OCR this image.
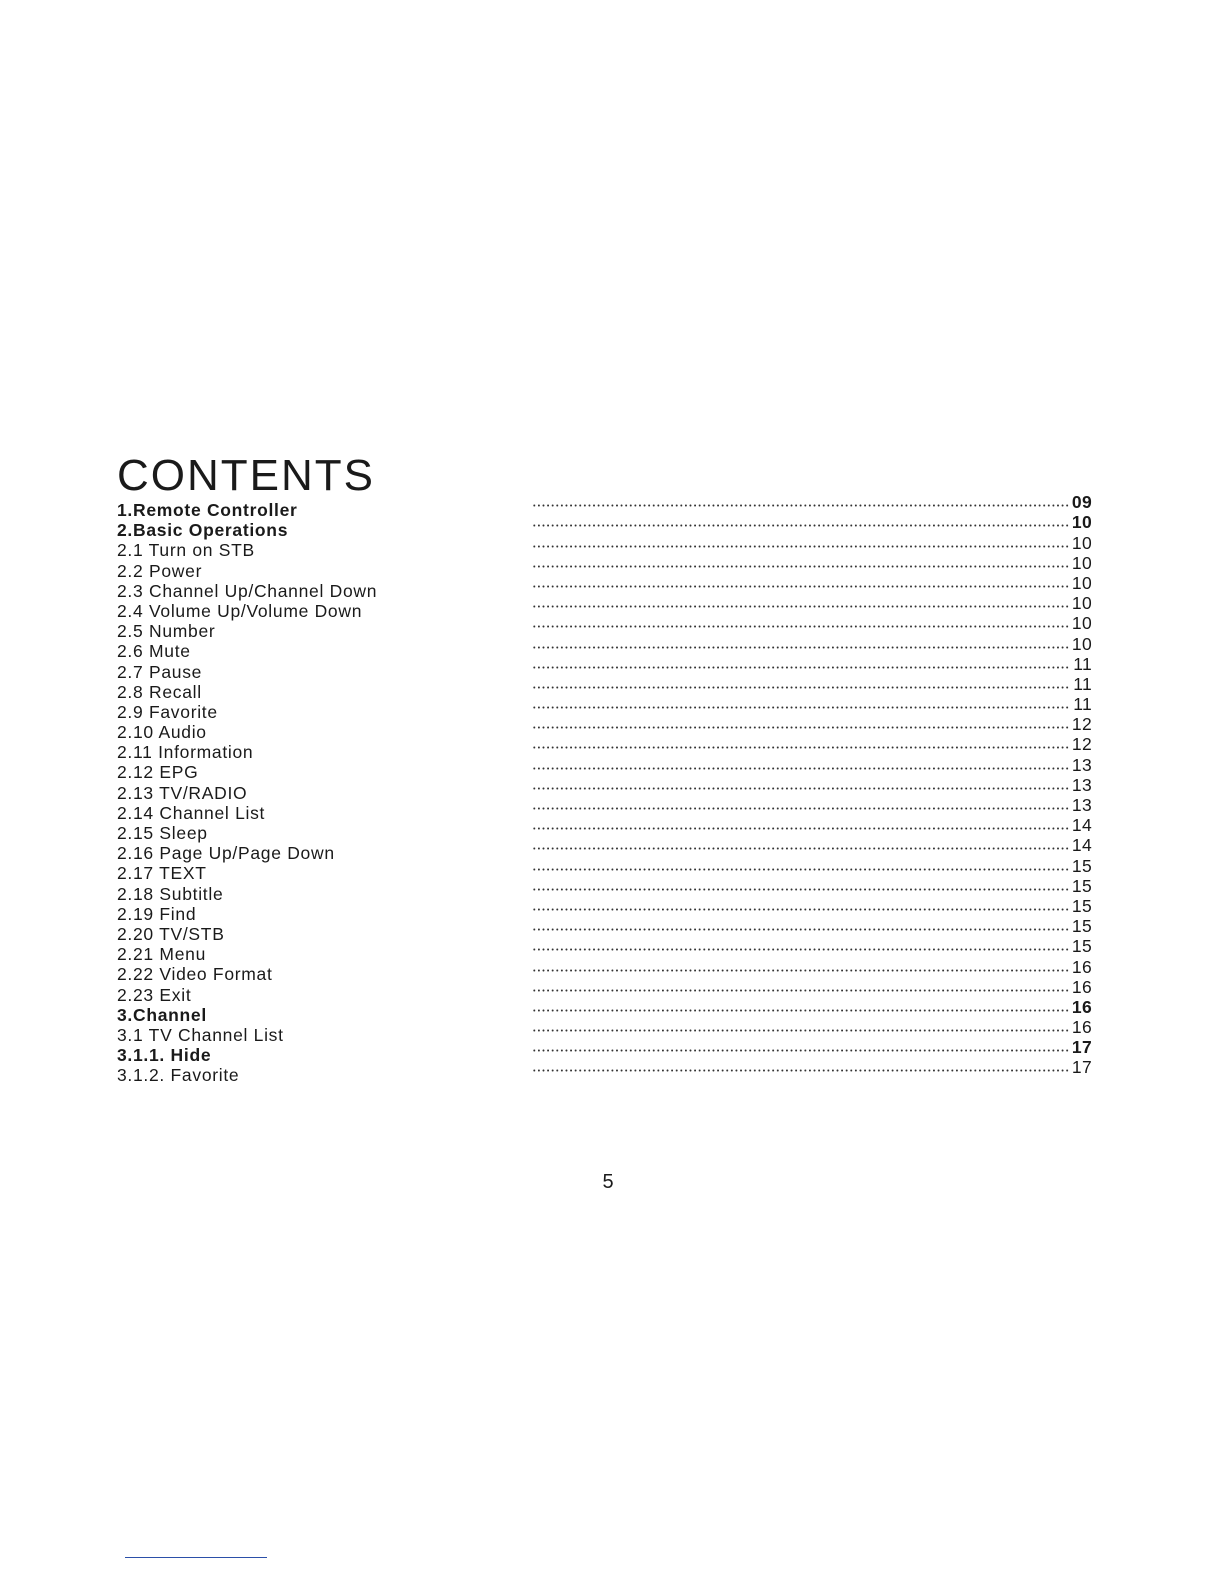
CONTENTS
1.Remote Controller
2.Basic Operations
2.1 Turn on STB
2.2 Power
2.3 Channel Up/Channel Down
2.4 Volume Up/Volume Down
2.5 Number
2.6 Mute
2.7 Pause
2.8 Recall
2.9 Favorite
2.10 Audio
2.11 Information
2.12 EPG
2.13 TV/RADIO
2.14 Channel List
2.15 Sleep
2.16 Page Up/Page Down
2.17 TEXT
2.18 Subtitle
2.19 Find
2.20 TV/STB
2.21 Menu
2.22 Video Format
2.23 Exit
3.Channel
3.1 TV Channel List
3.1.1. Hide
3.1.2. Favorite
09
10
10
10
10
10
10
10
11
11
11
12
12
13
13
13
14
14
15
15
15
15
15
16
16
16
16
17
17
5
